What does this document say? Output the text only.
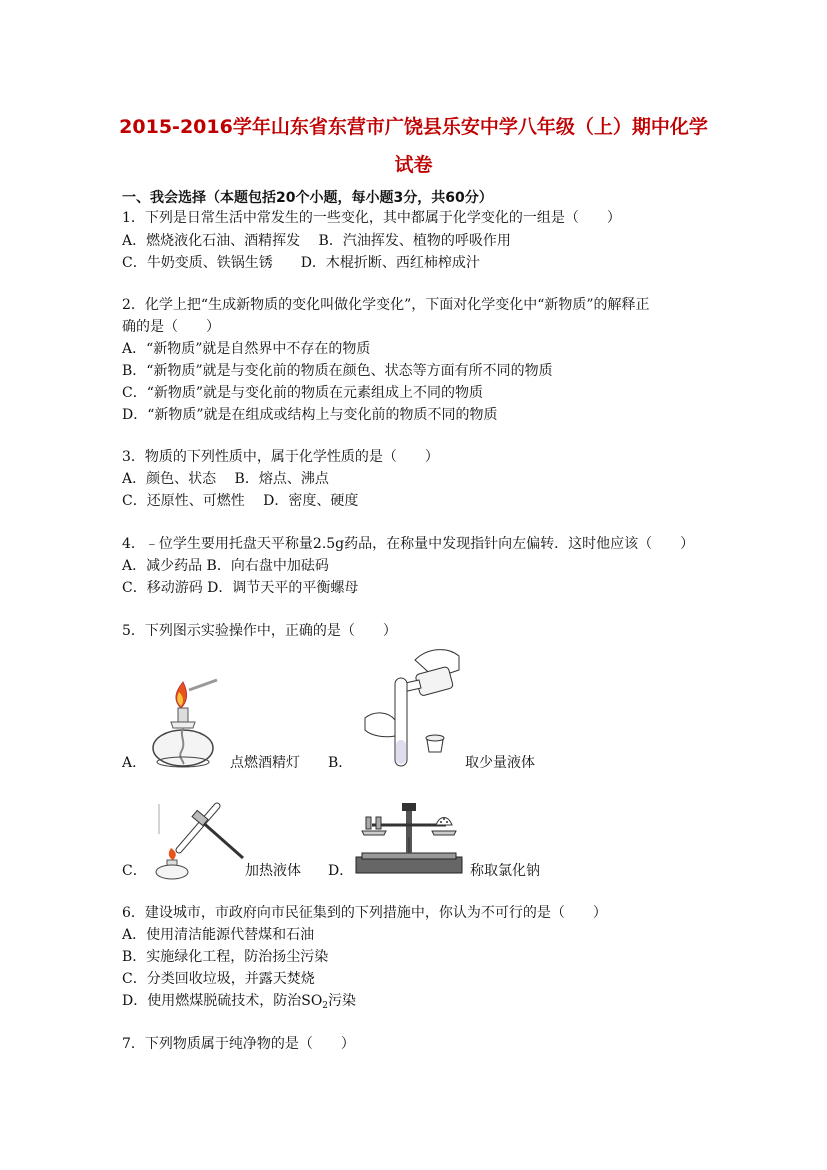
2015-2016学年山东省东营市广饶县乐安中学八年级（上）期中化学
试卷
一、我会选择（本题包括20个小题，每小题3分，共60分）
1．下列是日常生活中常发生的一些变化，其中都属于化学变化的一组是（　　）
A．燃烧液化石油、酒精挥发　 B．汽油挥发、植物的呼吸作用
C．牛奶变质、铁锅生锈　　D．木棍折断、西红柿榨成汁
2．化学上把“生成新物质的变化叫做化学变化”，下面对化学变化中“新物质”的解释正
确的是（　　）
A．“新物质”就是自然界中不存在的物质
B．“新物质”就是与变化前的物质在颜色、状态等方面有所不同的物质
C．“新物质”就是与变化前的物质在元素组成上不同的物质
D．“新物质”就是在组成或结构上与变化前的物质不同的物质
3．物质的下列性质中，属于化学性质的是（　　）
A．颜色、状态　 B．熔点、沸点
C．还原性、可燃性　 D．密度、硬度
4．﹣位学生要用托盘天平称量2.5g药品，在称量中发现指针向左偏转．这时他应该（　　）
A．减少药品 B．向右盘中加砝码
C．移动游码 D．调节天平的平衡螺母
5．下列图示实验操作中，正确的是（　　）
A．	点燃酒精灯 B．	取少量液体
C．	加热液体 D．	称取氯化钠
6．建设城市，市政府向市民征集到的下列措施中，你认为不可行的是（　　）
A．使用清洁能源代替煤和石油
B．实施绿化工程，防治扬尘污染
C．分类回收垃圾，并露天焚烧
D．使用燃煤脱硫技术，防治$SO_2$污染
7．下列物质属于纯净物的是（　　）
